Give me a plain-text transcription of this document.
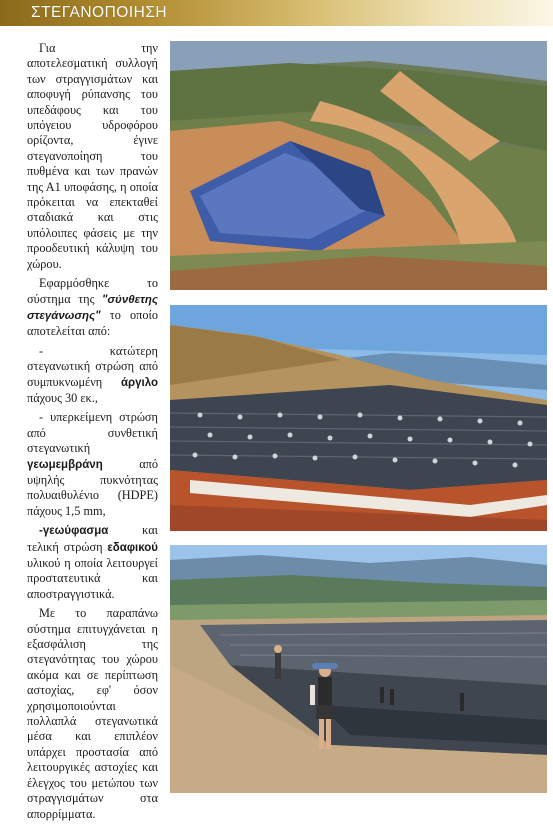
ΣΤΕΓΑΝΟΠΟΙΗΣΗ

Για την αποτελεσματική συλλογή των στραγγισμάτων και αποφυγή ρύπανσης του υπεδάφους και του υπόγειου υδροφόρου ορίζοντα, έγινε στεγανοποίηση του πυθμένα και των πρανών της Α1 υποφάσης, η οποία πρόκειται να επεκταθεί σταδιακά και στις υπόλοιπες φάσεις με την προοδευτική κάλυψη του χώρου.

Εφαρμόσθηκε το σύστημα της "σύνθετης στεγάνωσης" το οποίο αποτελείται από:

- κατώτερη στεγανωτική στρώση από συμπυκνωμένη άργιλο πάχους 30 εκ.,

- υπερκείμενη στρώση από συνθετική στεγανωτική γεωμεμβράνη από υψηλής πυκνότητας πολυαιθυλένιο (HDPE) πάχους 1,5 mm,

-γεωύφασμα και τελική στρώση εδαφικού υλικού η οποία λειτουργεί προστατευτικά και αποστραγγιστικά.

Με το παραπάνω σύστημα επιτυγχάνεται η εξασφάλιση της στεγανότητας του χώρου ακόμα και σε περίπτωση αστοχίας, εφ' όσον χρησιμοποιούνται πολλαπλά στεγανωτικά μέσα και επιπλέον υπάρχει προστασία από λειτουργικές αστοχίες και έλεγχος του μετώπου των στραγγισμάτων στα απορρίμματα.
